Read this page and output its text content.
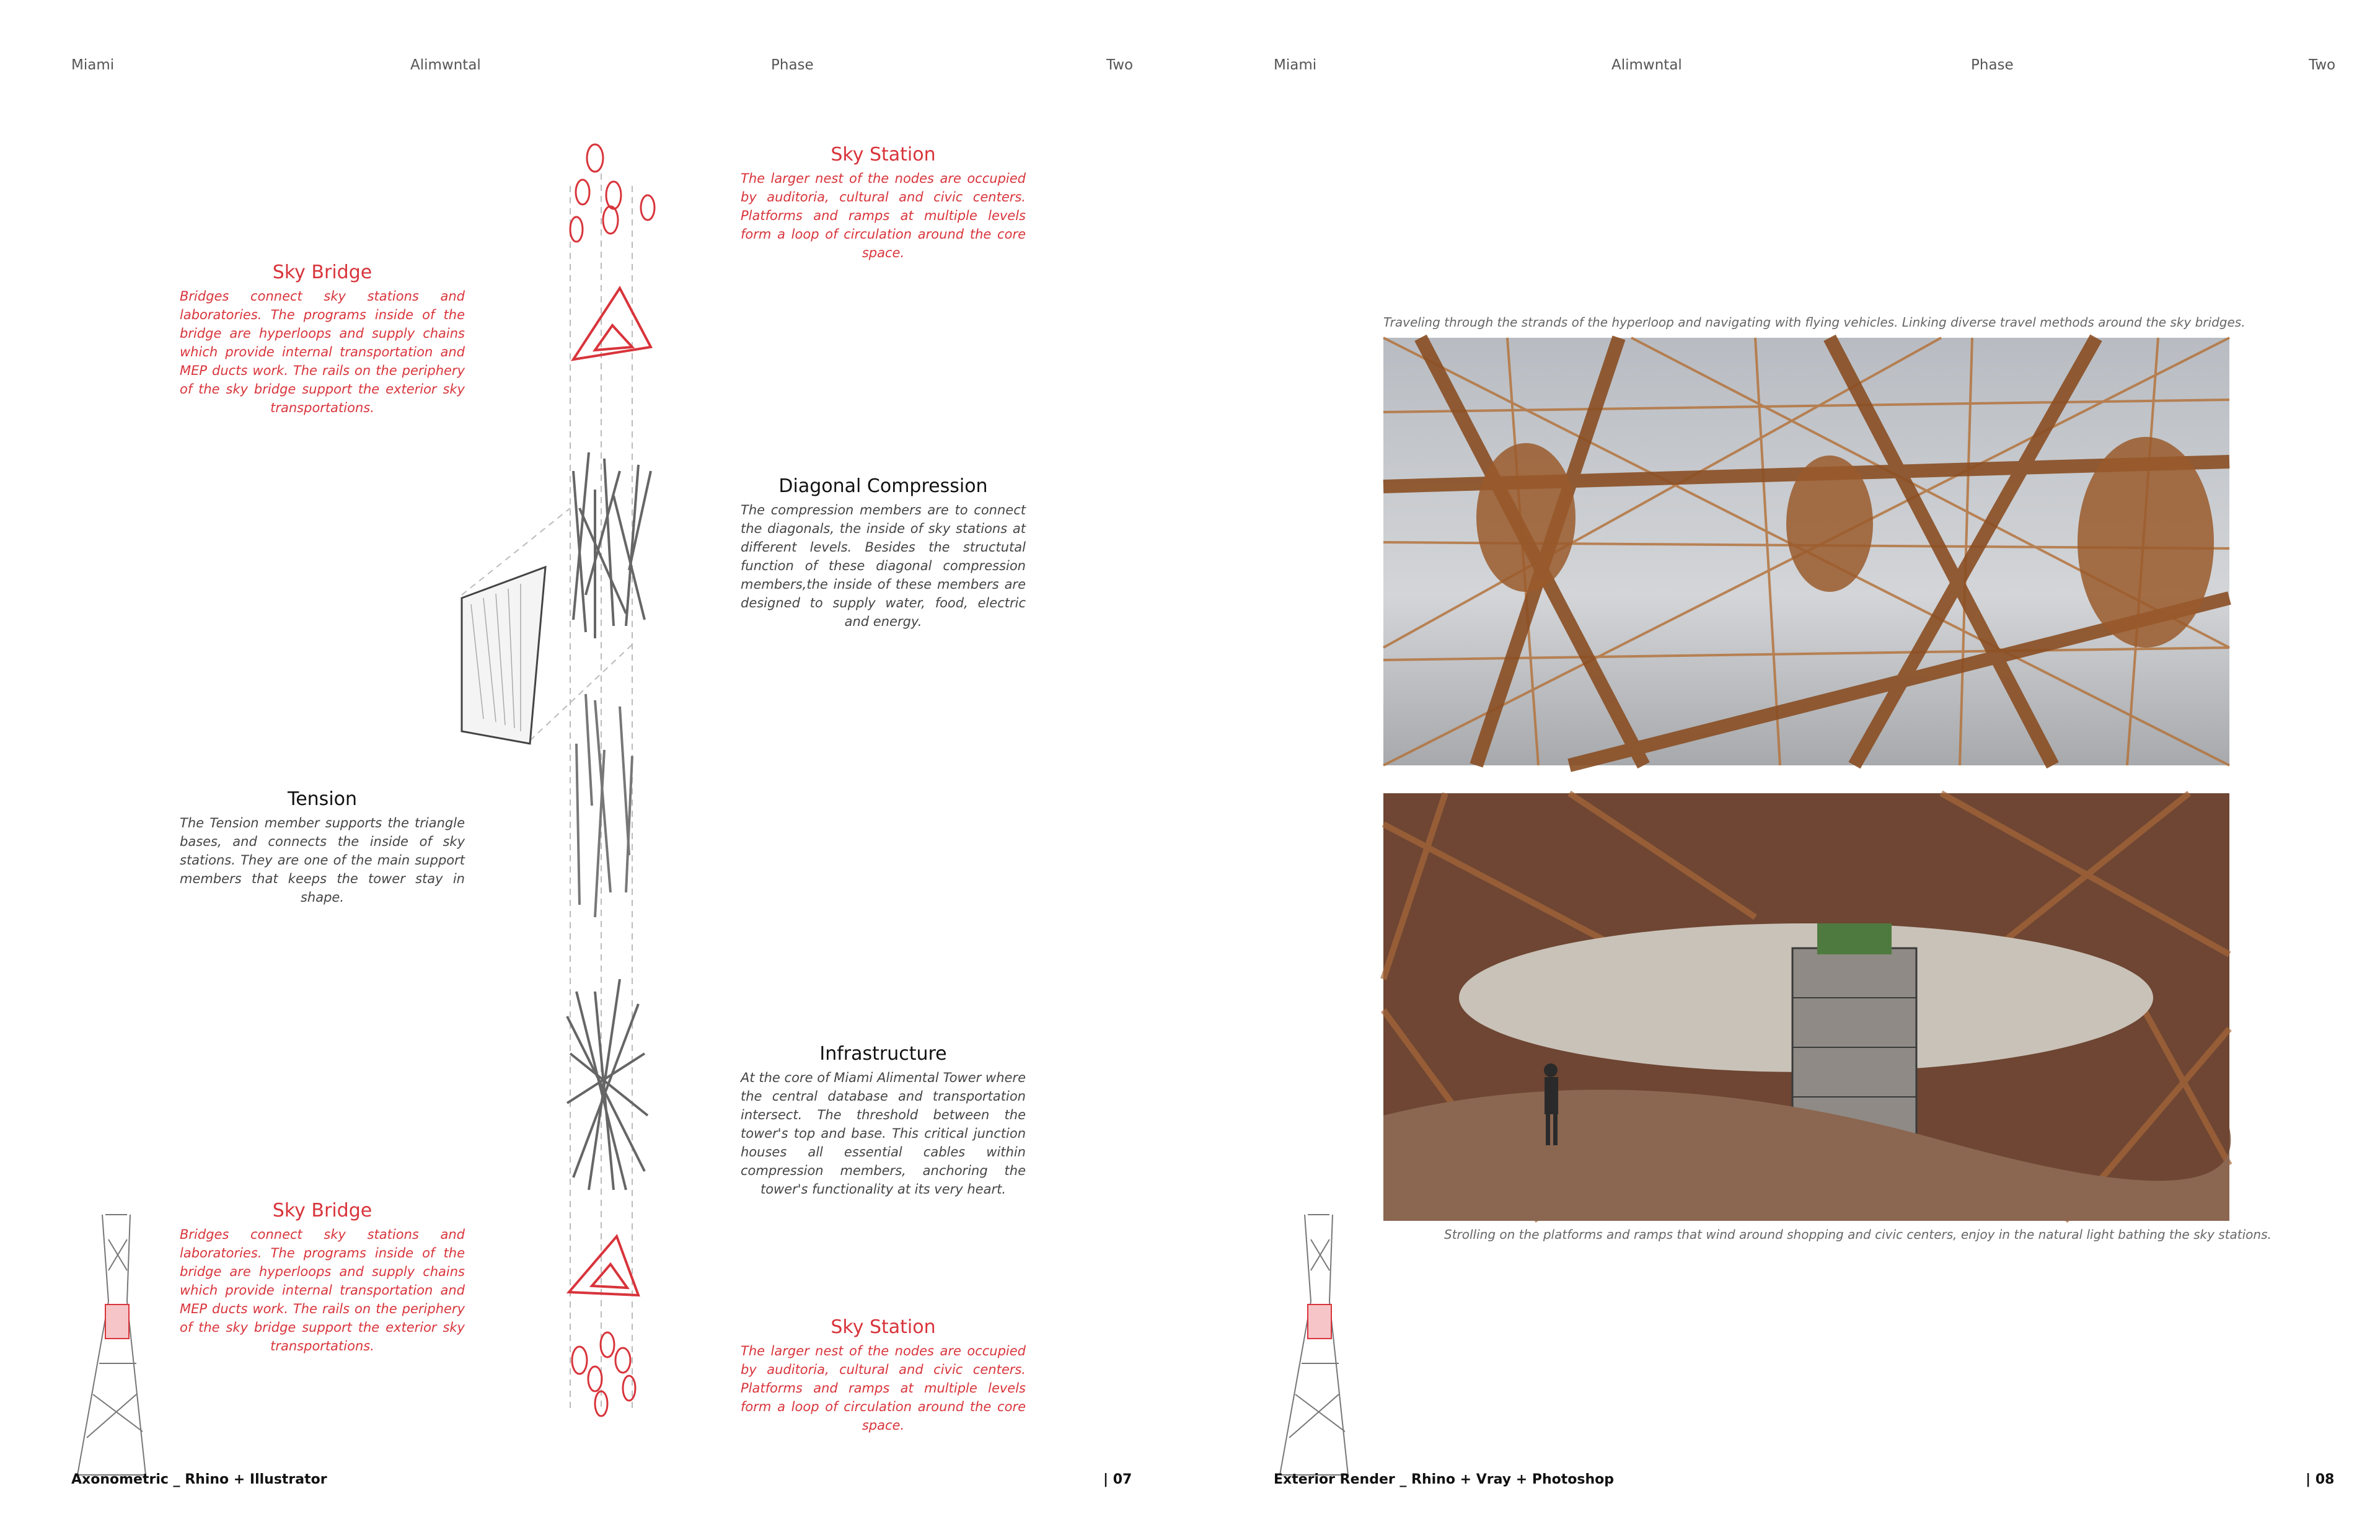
Miami	Alimwntal	Phase	Two
Sky Station

The larger nest of the nodes are occupied by auditoria, cultural and civic centers. Platforms and ramps at multiple levels form a loop of circulation around the core space.

Sky Bridge

Bridges connect sky stations and laboratories. The programs inside of the bridge are hyperloops and supply chains which provide internal transportation and MEP ducts work. The rails on the periphery of the sky bridge support the exterior sky transportations.

Diagonal Compression

The compression members are to connect the diagonals, the inside of sky stations at different levels. Besides the structutal function of these diagonal compression members,the inside of these members are designed to supply water, food, electric and energy.

Tension

The Tension member supports the triangle bases, and connects the inside of sky stations. They are one of the main support members that keeps the tower stay in shape.

Infrastructure

At the core of Miami Alimental Tower where the central database and transportation intersect. The threshold between the tower's top and base. This critical junction houses all essential cables within compression members, anchoring the tower's functionality at its very heart.

Sky Bridge

Bridges connect sky stations and laboratories. The programs inside of the bridge are hyperloops and supply chains which provide internal transportation and MEP ducts work. The rails on the periphery of the sky bridge support the exterior sky transportations.

Sky Station

The larger nest of the nodes are occupied by auditoria, cultural and civic centers. Platforms and ramps at multiple levels form a loop of circulation around the core space.

Axonometric _ Rhino + Illustrator	| 07
Miami	Alimwntal	Phase	Two
Traveling through the strands of the hyperloop and navigating with flying vehicles. Linking diverse travel methods around the sky bridges.
Strolling on the platforms and ramps that wind around shopping and civic centers, enjoy in the natural light bathing the sky stations.
Exterior Render _ Rhino + Vray + Photoshop	| 08
